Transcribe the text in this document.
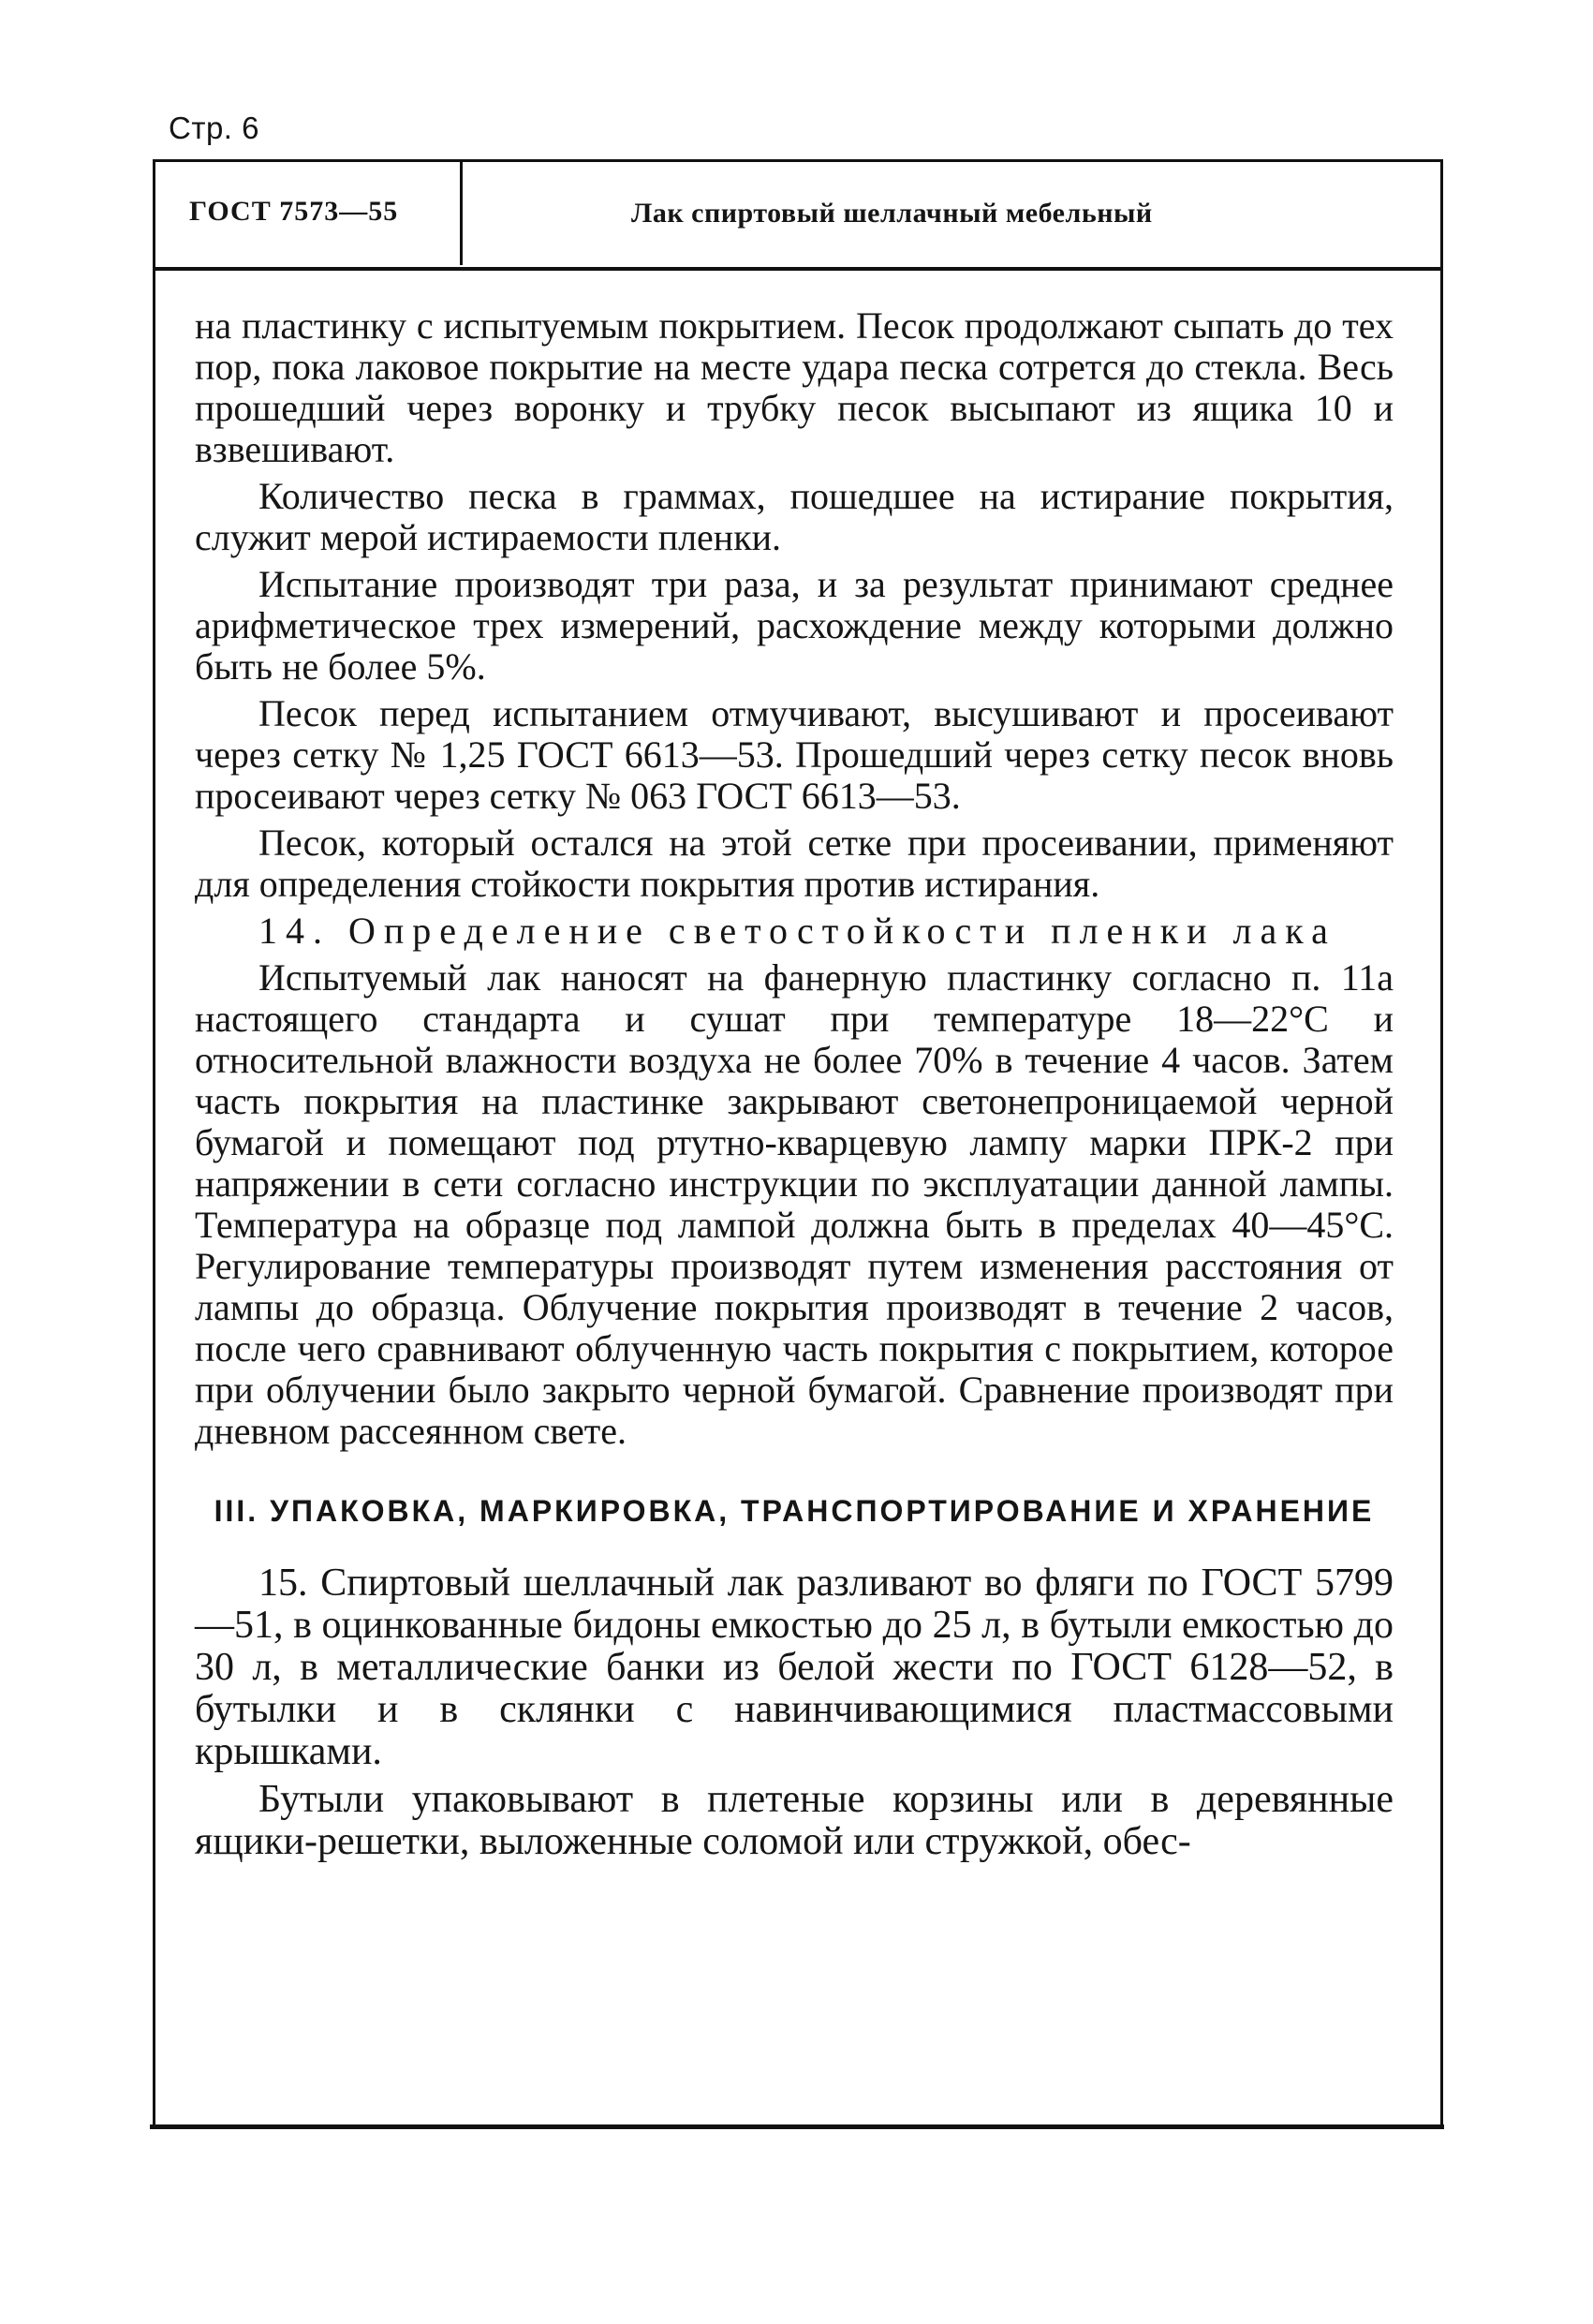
Стр. 6
ГОСТ 7573—55	Лак спиртовый шеллачный мебельный

на пластинку с испытуемым покрытием. Песок продолжают сыпать до тех пор, пока лаковое покрытие на месте удара песка сотрется до стекла. Весь прошедший через воронку и трубку песок высыпают из ящика 10 и взвешивают.

Количество песка в граммах, пошедшее на истирание покрытия, служит мерой истираемости пленки.

Испытание производят три раза, и за результат принимают среднее арифметическое трех измерений, расхождение между которыми должно быть не более 5%.

Песок перед испытанием отмучивают, высушивают и просеивают через сетку № 1,25 ГОСТ 6613—53. Прошедший через сетку песок вновь просеивают через сетку № 063 ГОСТ 6613—53.

Песок, который остался на этой сетке при просеивании, применяют для определения стойкости покрытия против истирания.

14. Определение светостойкости пленки лака

Испытуемый лак наносят на фанерную пластинку согласно п. 11а настоящего стандарта и сушат при температуре 18—22°С и относительной влажности воздуха не более 70% в течение 4 часов. Затем часть покрытия на пластинке закрывают светонепроницаемой черной бумагой и помещают под ртутно-кварцевую лампу марки ПРК-2 при напряжении в сети согласно инструкции по эксплуатации данной лампы. Температура на образце под лампой должна быть в пределах 40—45°С. Регулирование температуры производят путем изменения расстояния от лампы до образца. Облучение покрытия производят в течение 2 часов, после чего сравнивают облученную часть покрытия с покрытием, которое при облучении было закрыто черной бумагой. Сравнение производят при дневном рассеянном свете.

III. УПАКОВКА, МАРКИРОВКА, ТРАНСПОРТИРОВАНИЕ И ХРАНЕНИЕ

15. Спиртовый шеллачный лак разливают во фляги по ГОСТ 5799—51, в оцинкованные бидоны емкостью до 25 л, в бутыли емкостью до 30 л, в металлические банки из белой жести по ГОСТ 6128—52, в бутылки и в склянки с навинчивающимися пластмассовыми крышками.

Бутыли упаковывают в плетеные корзины или в деревянные ящики-решетки, выложенные соломой или стружкой, обес-
